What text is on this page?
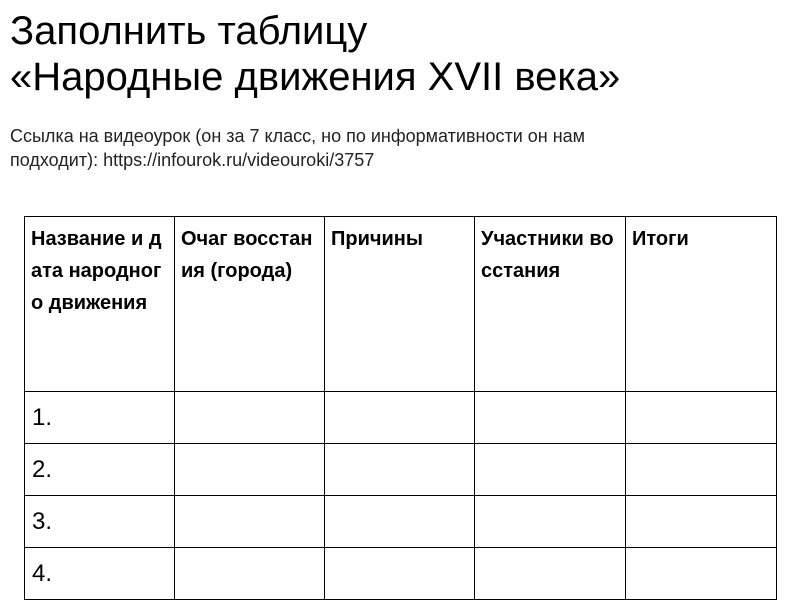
Заполнить таблицу
«Народные движения XVII века»

Ссылка на видеоурок (он за 7 класс, но по информативности он нам
подходит): https://infourok.ru/videouroki/3757

Название и дата народного движения	Очаг восстания (города)	Причины	Участники восстания	Итоги
1.				
2.				
3.				
4.				
